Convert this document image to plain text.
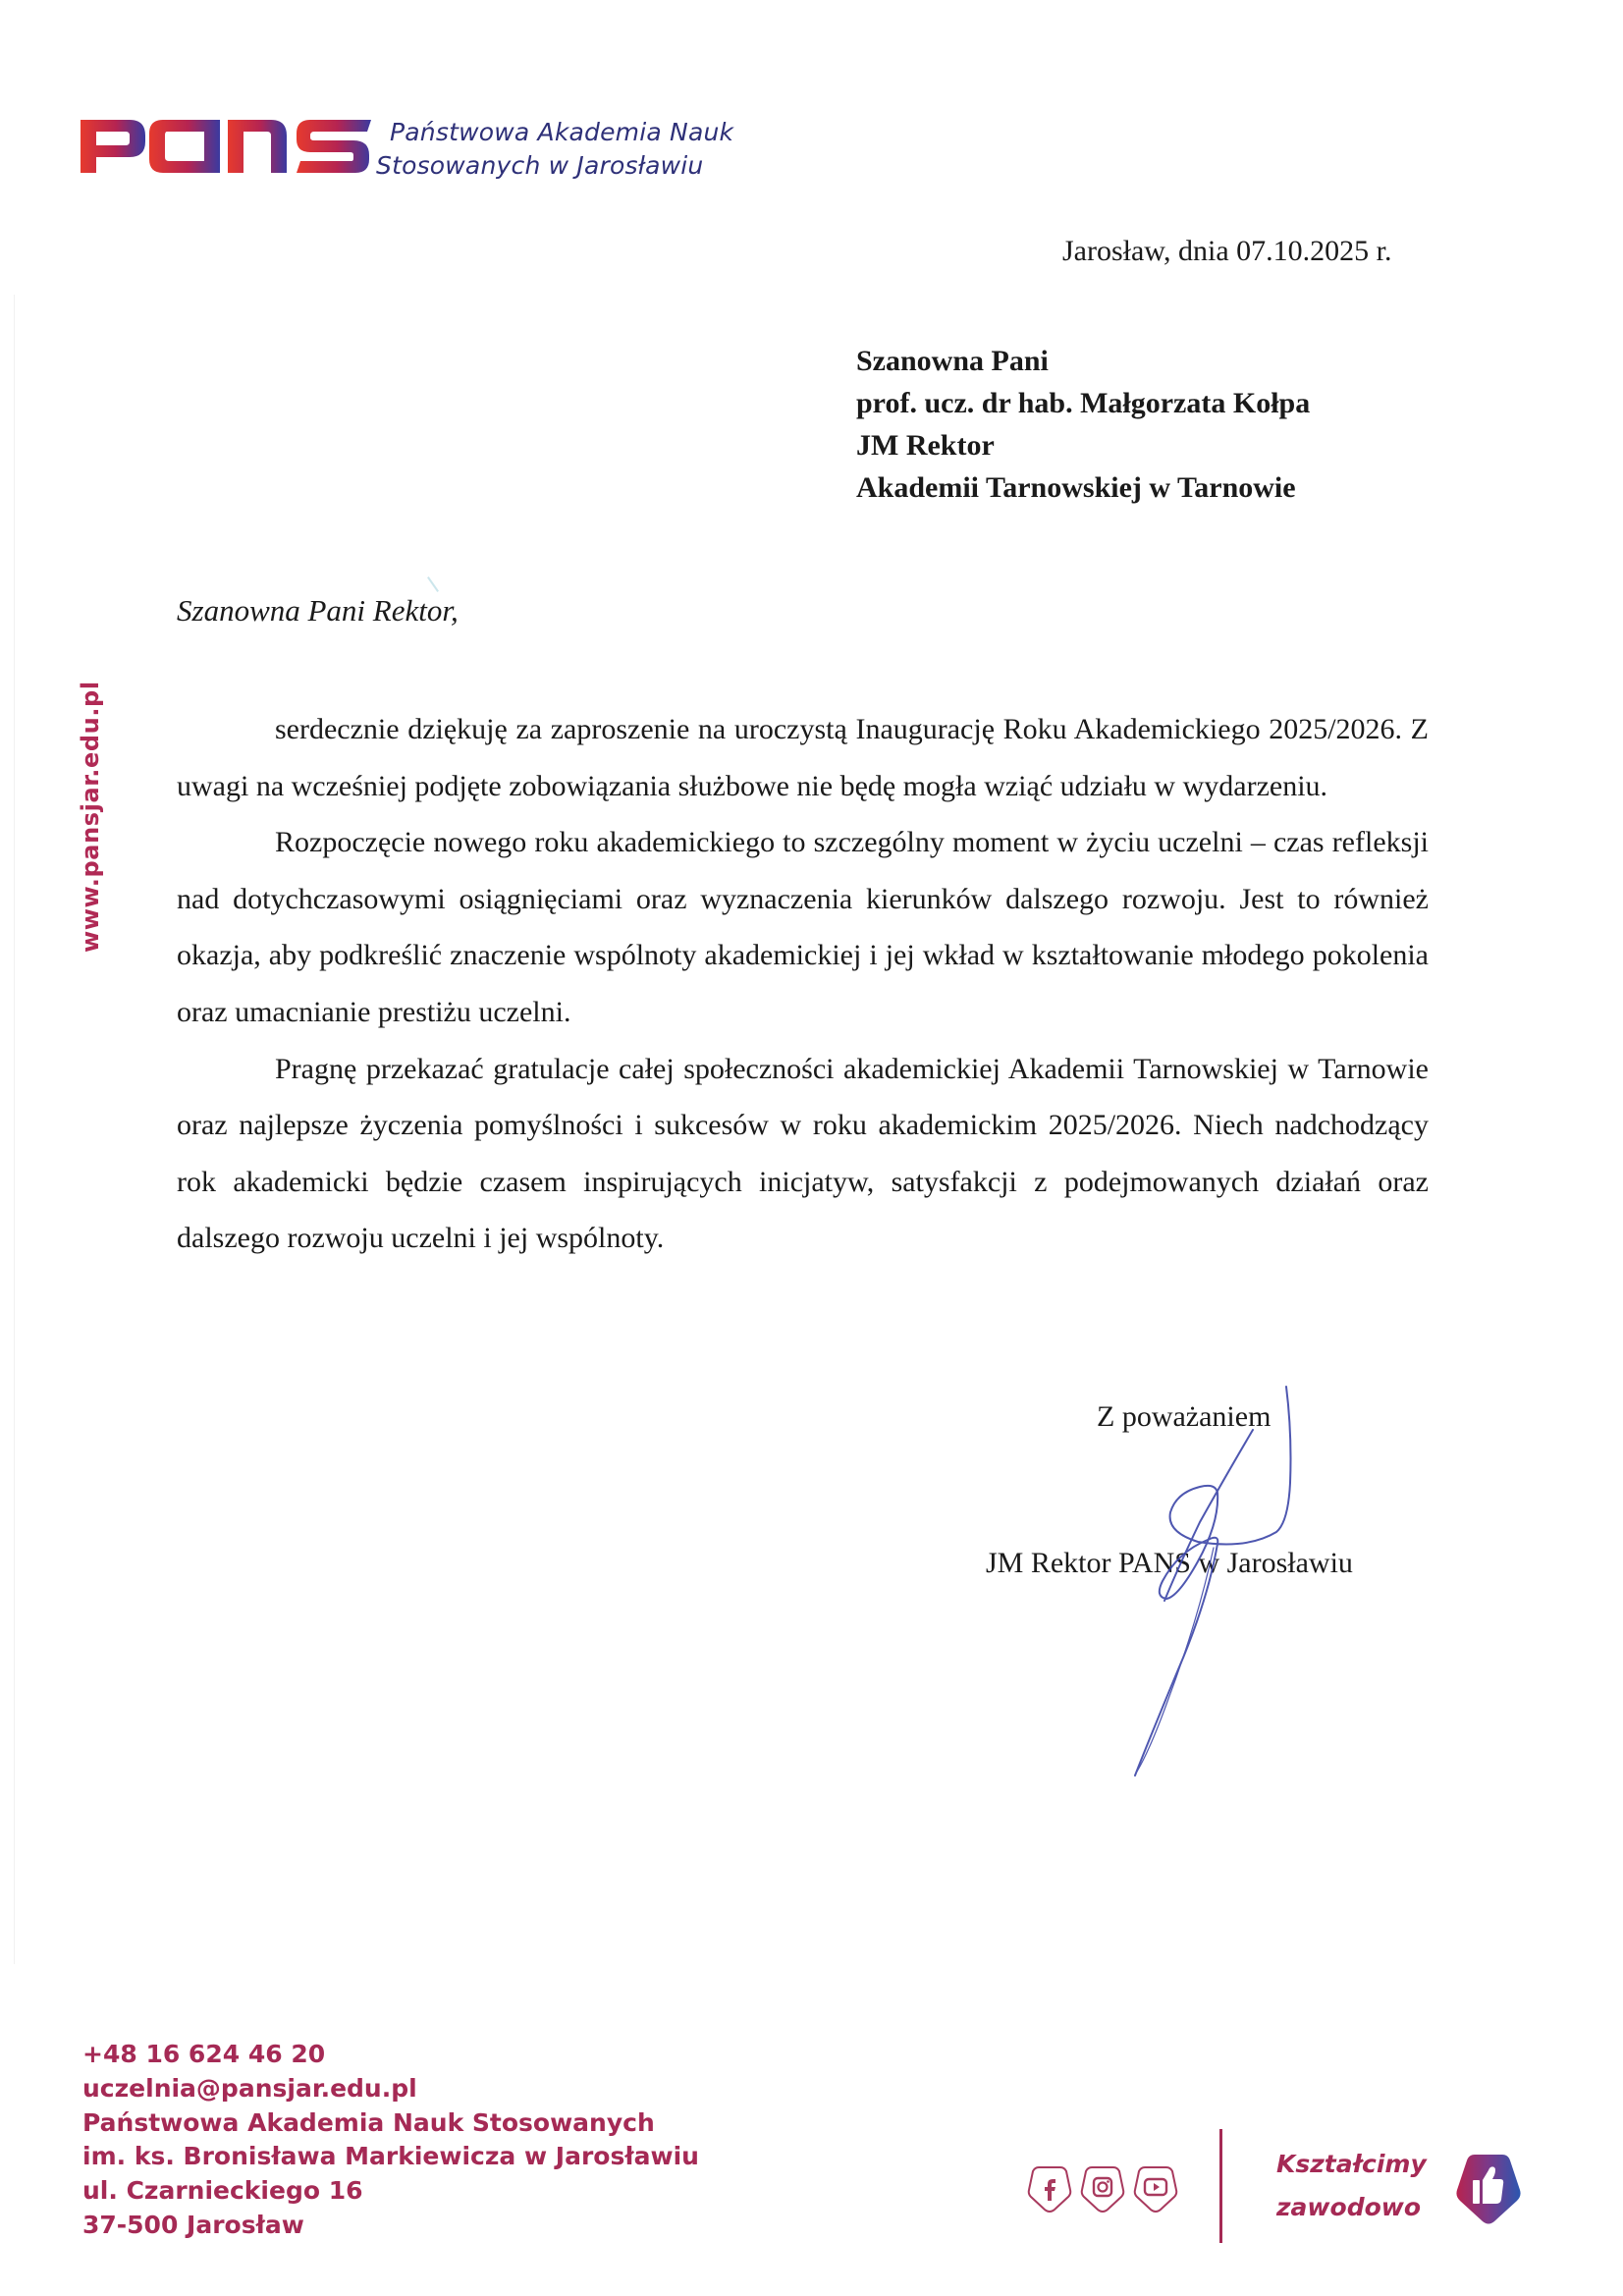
Państwowa Akademia Nauk
Stosowanych w Jarosławiu
Jarosław, dnia 07.10.2025 r.
Szanowna Pani
prof. ucz. dr hab. Małgorzata Kołpa
JM Rektor
Akademii Tarnowskiej w Tarnowie
Szanowna Pani Rektor,
www.pansjar.edu.pl	serdecznie dziękuję za zaproszenie na uroczystą Inaugurację Roku Akademickiego 2025/2026. Z uwagi na wcześniej podjęte zobowiązania służbowe nie będę mogła wziąć udziału w wydarzeniu.

Rozpoczęcie nowego roku akademickiego to szczególny moment w życiu uczelni – czas refleksji nad dotychczasowymi osiągnięciami oraz wyznaczenia kierunków dalszego rozwoju. Jest to również okazja, aby podkreślić znaczenie wspólnoty akademickiej i jej wkład w kształtowanie młodego pokolenia oraz umacnianie prestiżu uczelni.

Pragnę przekazać gratulacje całej społeczności akademickiej Akademii Tarnowskiej w Tarnowie oraz najlepsze życzenia pomyślności i sukcesów w roku akademickim 2025/2026. Niech nadchodzący rok akademicki będzie czasem inspirujących inicjatyw, satysfakcji z podejmowanych działań oraz dalszego rozwoju uczelni i jej wspólnoty.

Z poważaniem
JM Rektor PANS w Jarosławiu
+48 16 624 46 20
uczelnia@pansjar.edu.pl
Państwowa Akademia Nauk Stosowanych
im. ks. Bronisława Markiewicza w Jarosławiu
ul. Czarnieckiego 16
37-500 Jarosław
Kształcimy
zawodowo
